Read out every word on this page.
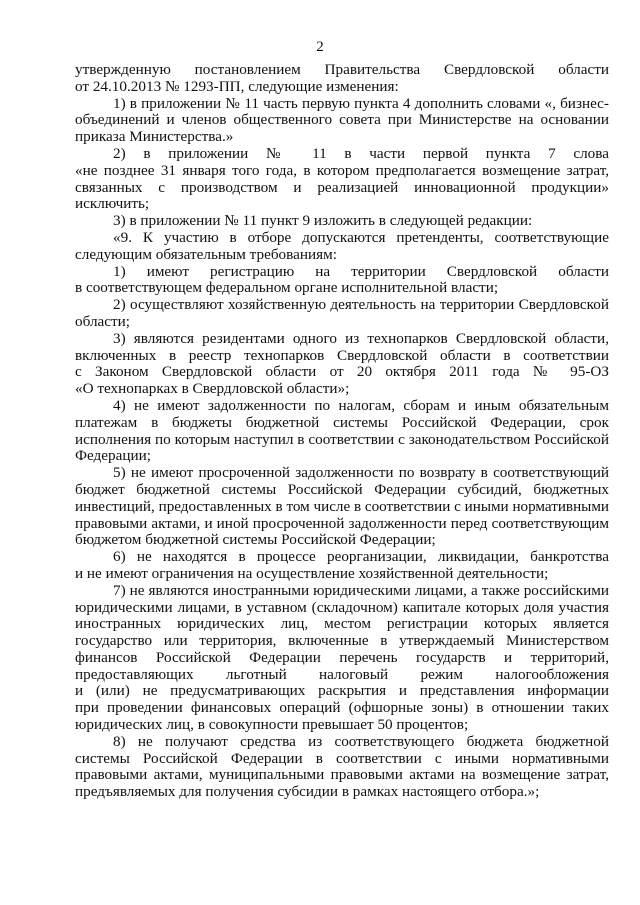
2
утвержденную постановлением Правительства Свердловской области
от 24.10.2013 № 1293-ПП, следующие изменения:
1) в приложении № 11 часть первую пункта 4 дополнить словами «, бизнес-
объединений и членов общественного совета при Министерстве на основании
приказа Министерства.»
2) в приложении № 11 в части первой пункта 7 слова
«не позднее 31 января того года, в котором предполагается возмещение затрат,
связанных с производством и реализацией инновационной продукции»
исключить;
3) в приложении № 11 пункт 9 изложить в следующей редакции:
«9. К участию в отборе допускаются претенденты, соответствующие
следующим обязательным требованиям:
1) имеют регистрацию на территории Свердловской области
в соответствующем федеральном органе исполнительной власти;
2) осуществляют хозяйственную деятельность на территории Свердловской
области;
3) являются резидентами одного из технопарков Свердловской области,
включенных в реестр технопарков Свердловской области в соответствии
с Законом Свердловской области от 20 октября 2011 года № 95-ОЗ
«О технопарках в Свердловской области»;
4) не имеют задолженности по налогам, сборам и иным обязательным
платежам в бюджеты бюджетной системы Российской Федерации, срок
исполнения по которым наступил в соответствии с законодательством Российской
Федерации;
5) не имеют просроченной задолженности по возврату в соответствующий
бюджет бюджетной системы Российской Федерации субсидий, бюджетных
инвестиций, предоставленных в том числе в соответствии с иными нормативными
правовыми актами, и иной просроченной задолженности перед соответствующим
бюджетом бюджетной системы Российской Федерации;
6) не находятся в процессе реорганизации, ликвидации, банкротства
и не имеют ограничения на осуществление хозяйственной деятельности;
7) не являются иностранными юридическими лицами, а также российскими
юридическими лицами, в уставном (складочном) капитале которых доля участия
иностранных юридических лиц, местом регистрации которых является
государство или территория, включенные в утверждаемый Министерством
финансов Российской Федерации перечень государств и территорий,
предоставляющих льготный налоговый режим налогообложения
и (или) не предусматривающих раскрытия и представления информации
при проведении финансовых операций (офшорные зоны) в отношении таких
юридических лиц, в совокупности превышает 50 процентов;
8) не получают средства из соответствующего бюджета бюджетной
системы Российской Федерации в соответствии с иными нормативными
правовыми актами, муниципальными правовыми актами на возмещение затрат,
предъявляемых для получения субсидии в рамках настоящего отбора.»;
